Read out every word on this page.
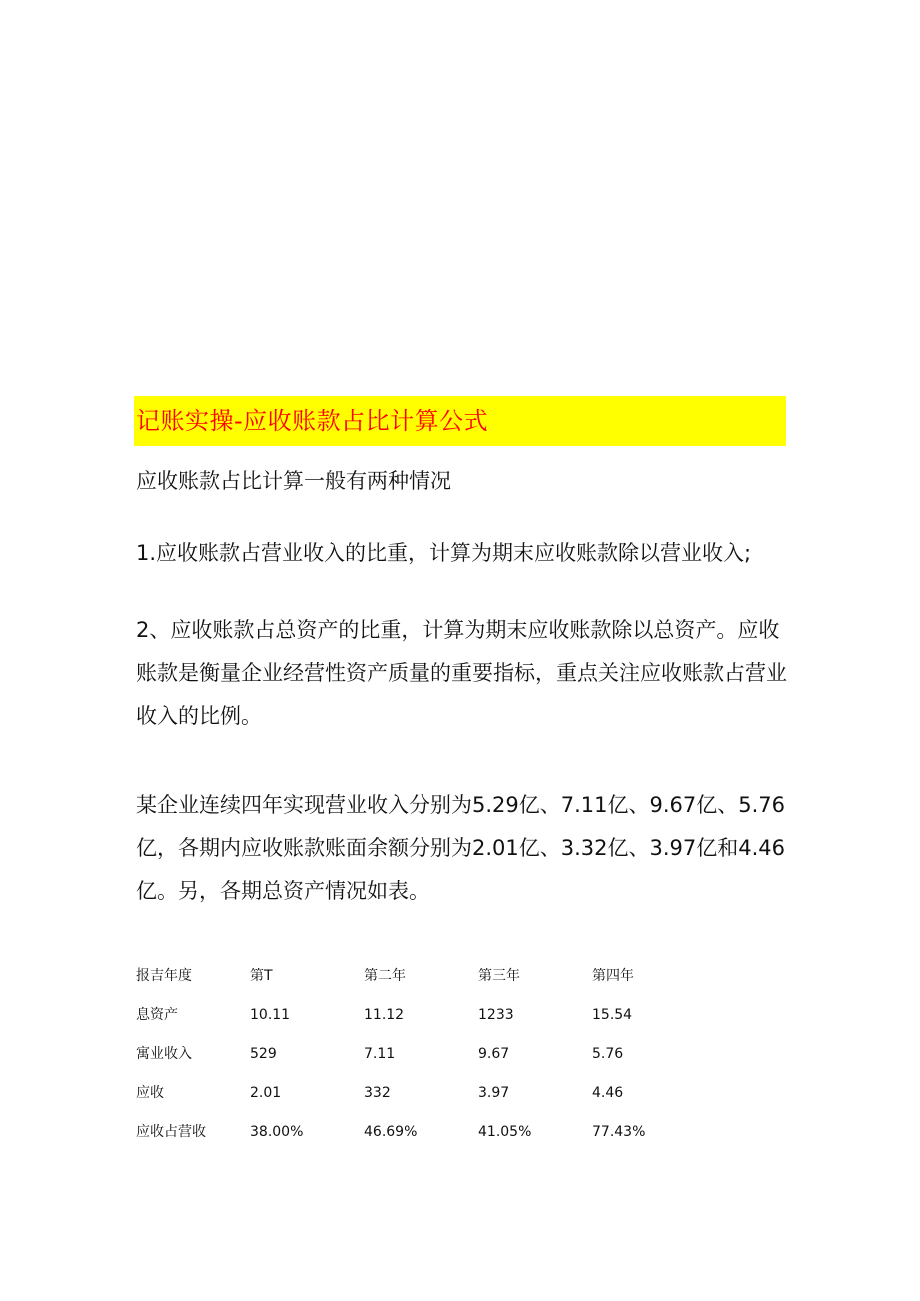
记账实操-应收账款占比计算公式

应收账款占比计算一般有两种情况

1.应收账款占营业收入的比重，计算为期末应收账款除以营业收入;

2、应收账款占总资产的比重，计算为期末应收账款除以总资产。应收账款是衡量企业经营性资产质量的重要指标，重点关注应收账款占营业收入的比例。

某企业连续四年实现营业收入分别为5.29亿、7.11亿、9.67亿、5.76亿，各期内应收账款账面余额分别为2.01亿、3.32亿、3.97亿和4.46亿。另，各期总资产情况如表。

报吉年度	第T	第二年	第三年	第四年
息资产	10.11	11.12	1233	15.54
寓业收入	529	7.11	9.67	5.76
应收	2.01	332	3.97	4.46
应收占营收	38.00%	46.69%	41.05%	77.43%
